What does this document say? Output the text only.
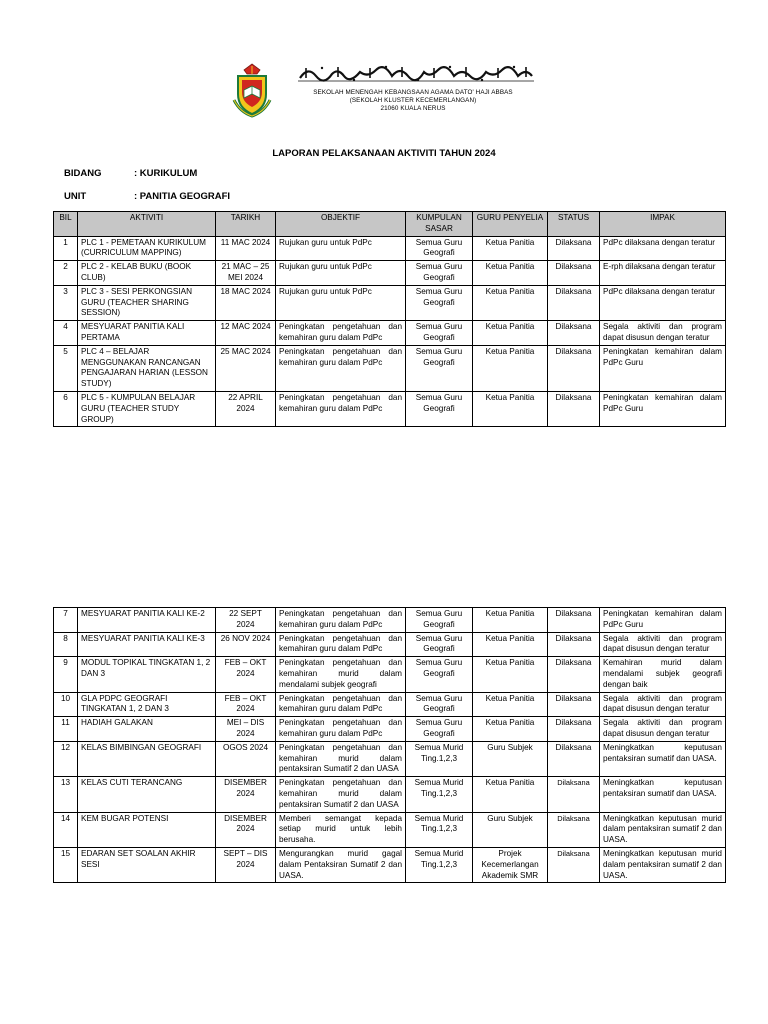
SEKOLAH MENENGAH KEBANGSAAN AGAMA DATO' HAJI ABBAS
(SEKOLAH KLUSTER KECEMERLANGAN)
21060 KUALA NERUS
LAPORAN PELAKSANAAN AKTIVITI TAHUN 2024
BIDANG	: KURIKULUM
UNIT	: PANITIA GEOGRAFI
BIL	AKTIVITI	TARIKH	OBJEKTIF	KUMPULAN SASAR	GURU PENYELIA	STATUS	IMPAK
1	PLC 1 - PEMETAAN KURIKULUM (CURRICULUM MAPPING)	11 MAC 2024	Rujukan guru untuk PdPc	Semua Guru Geografi	Ketua Panitia	Dilaksana	PdPc dilaksana dengan teratur
2	PLC 2 - KELAB BUKU (BOOK CLUB)	21 MAC – 25 MEI 2024	Rujukan guru untuk PdPc	Semua Guru Geografi	Ketua Panitia	Dilaksana	E-rph dilaksana dengan teratur
3	PLC 3 - SESI PERKONGSIAN GURU (TEACHER SHARING SESSION)	18 MAC 2024	Rujukan guru untuk PdPc	Semua Guru Geografi	Ketua Panitia	Dilaksana	PdPc dilaksana dengan teratur
4	MESYUARAT PANITIA KALI PERTAMA	12 MAC 2024	Peningkatan pengetahuan dan kemahiran guru dalam PdPc	Semua Guru Geografi	Ketua Panitia	Dilaksana	Segala aktiviti dan program dapat disusun dengan teratur
5	PLC 4 – BELAJAR MENGGUNAKAN RANCANGAN PENGAJARAN HARIAN (LESSON STUDY)	25 MAC 2024	Peningkatan pengetahuan dan kemahiran guru dalam PdPc	Semua Guru Geografi	Ketua Panitia	Dilaksana	Peningkatan kemahiran dalam PdPc Guru
6	PLC 5 - KUMPULAN BELAJAR GURU (TEACHER STUDY GROUP)	22 APRIL 2024	Peningkatan pengetahuan dan kemahiran guru dalam PdPc	Semua Guru Geografi	Ketua Panitia	Dilaksana	Peningkatan kemahiran dalam PdPc Guru
7	MESYUARAT PANITIA KALI KE-2	22 SEPT 2024	Peningkatan pengetahuan dan kemahiran guru dalam PdPc	Semua Guru Geografi	Ketua Panitia	Dilaksana	Peningkatan kemahiran dalam PdPc Guru
8	MESYUARAT PANITIA KALI KE-3	26 NOV 2024	Peningkatan pengetahuan dan kemahiran guru dalam PdPc	Semua Guru Geografi	Ketua Panitia	Dilaksana	Segala aktiviti dan program dapat disusun dengan teratur
9	MODUL TOPIKAL TINGKATAN 1, 2 DAN 3	FEB – OKT 2024	Peningkatan pengetahuan dan kemahiran murid dalam mendalami subjek geografi	Semua Guru Geografi	Ketua Panitia	Dilaksana	Kemahiran murid dalam mendalami subjek geografi dengan baik
10	GLA PDPC GEOGRAFI TINGKATAN 1, 2 DAN 3	FEB – OKT 2024	Peningkatan pengetahuan dan kemahiran guru dalam PdPc	Semua Guru Geografi	Ketua Panitia	Dilaksana	Segala aktiviti dan program dapat disusun dengan teratur
11	HADIAH GALAKAN	MEI – DIS 2024	Peningkatan pengetahuan dan kemahiran guru dalam PdPc	Semua Guru Geografi	Ketua Panitia	Dilaksana	Segala aktiviti dan program dapat disusun dengan teratur
12	KELAS BIMBINGAN GEOGRAFI	OGOS 2024	Peningkatan pengetahuan dan kemahiran murid dalam pentaksiran Sumatif 2 dan UASA	Semua Murid Ting.1,2,3	Guru Subjek	Dilaksana	Meningkatkan keputusan pentaksiran sumatif dan UASA.
13	KELAS CUTI TERANCANG	DISEMBER 2024	Peningkatan pengetahuan dan kemahiran murid dalam pentaksiran Sumatif 2 dan UASA	Semua Murid Ting.1,2,3	Ketua Panitia	Dilaksana	Meningkatkan keputusan pentaksiran sumatif dan UASA.
14	KEM BUGAR POTENSI	DISEMBER 2024	Memberi semangat kepada setiap murid untuk lebih berusaha.	Semua Murid Ting.1,2,3	Guru Subjek	Dilaksana	Meningkatkan keputusan murid dalam pentaksiran sumatif 2 dan UASA.
15	EDARAN SET SOALAN AKHIR SESI	SEPT – DIS 2024	Mengurangkan murid gagal dalam Pentaksiran Sumatif 2 dan UASA.	Semua Murid Ting.1,2,3	Projek Kecemerlangan Akademik SMR	Dilaksana	Meningkatkan keputusan murid dalam pentaksiran sumatif 2 dan UASA.
